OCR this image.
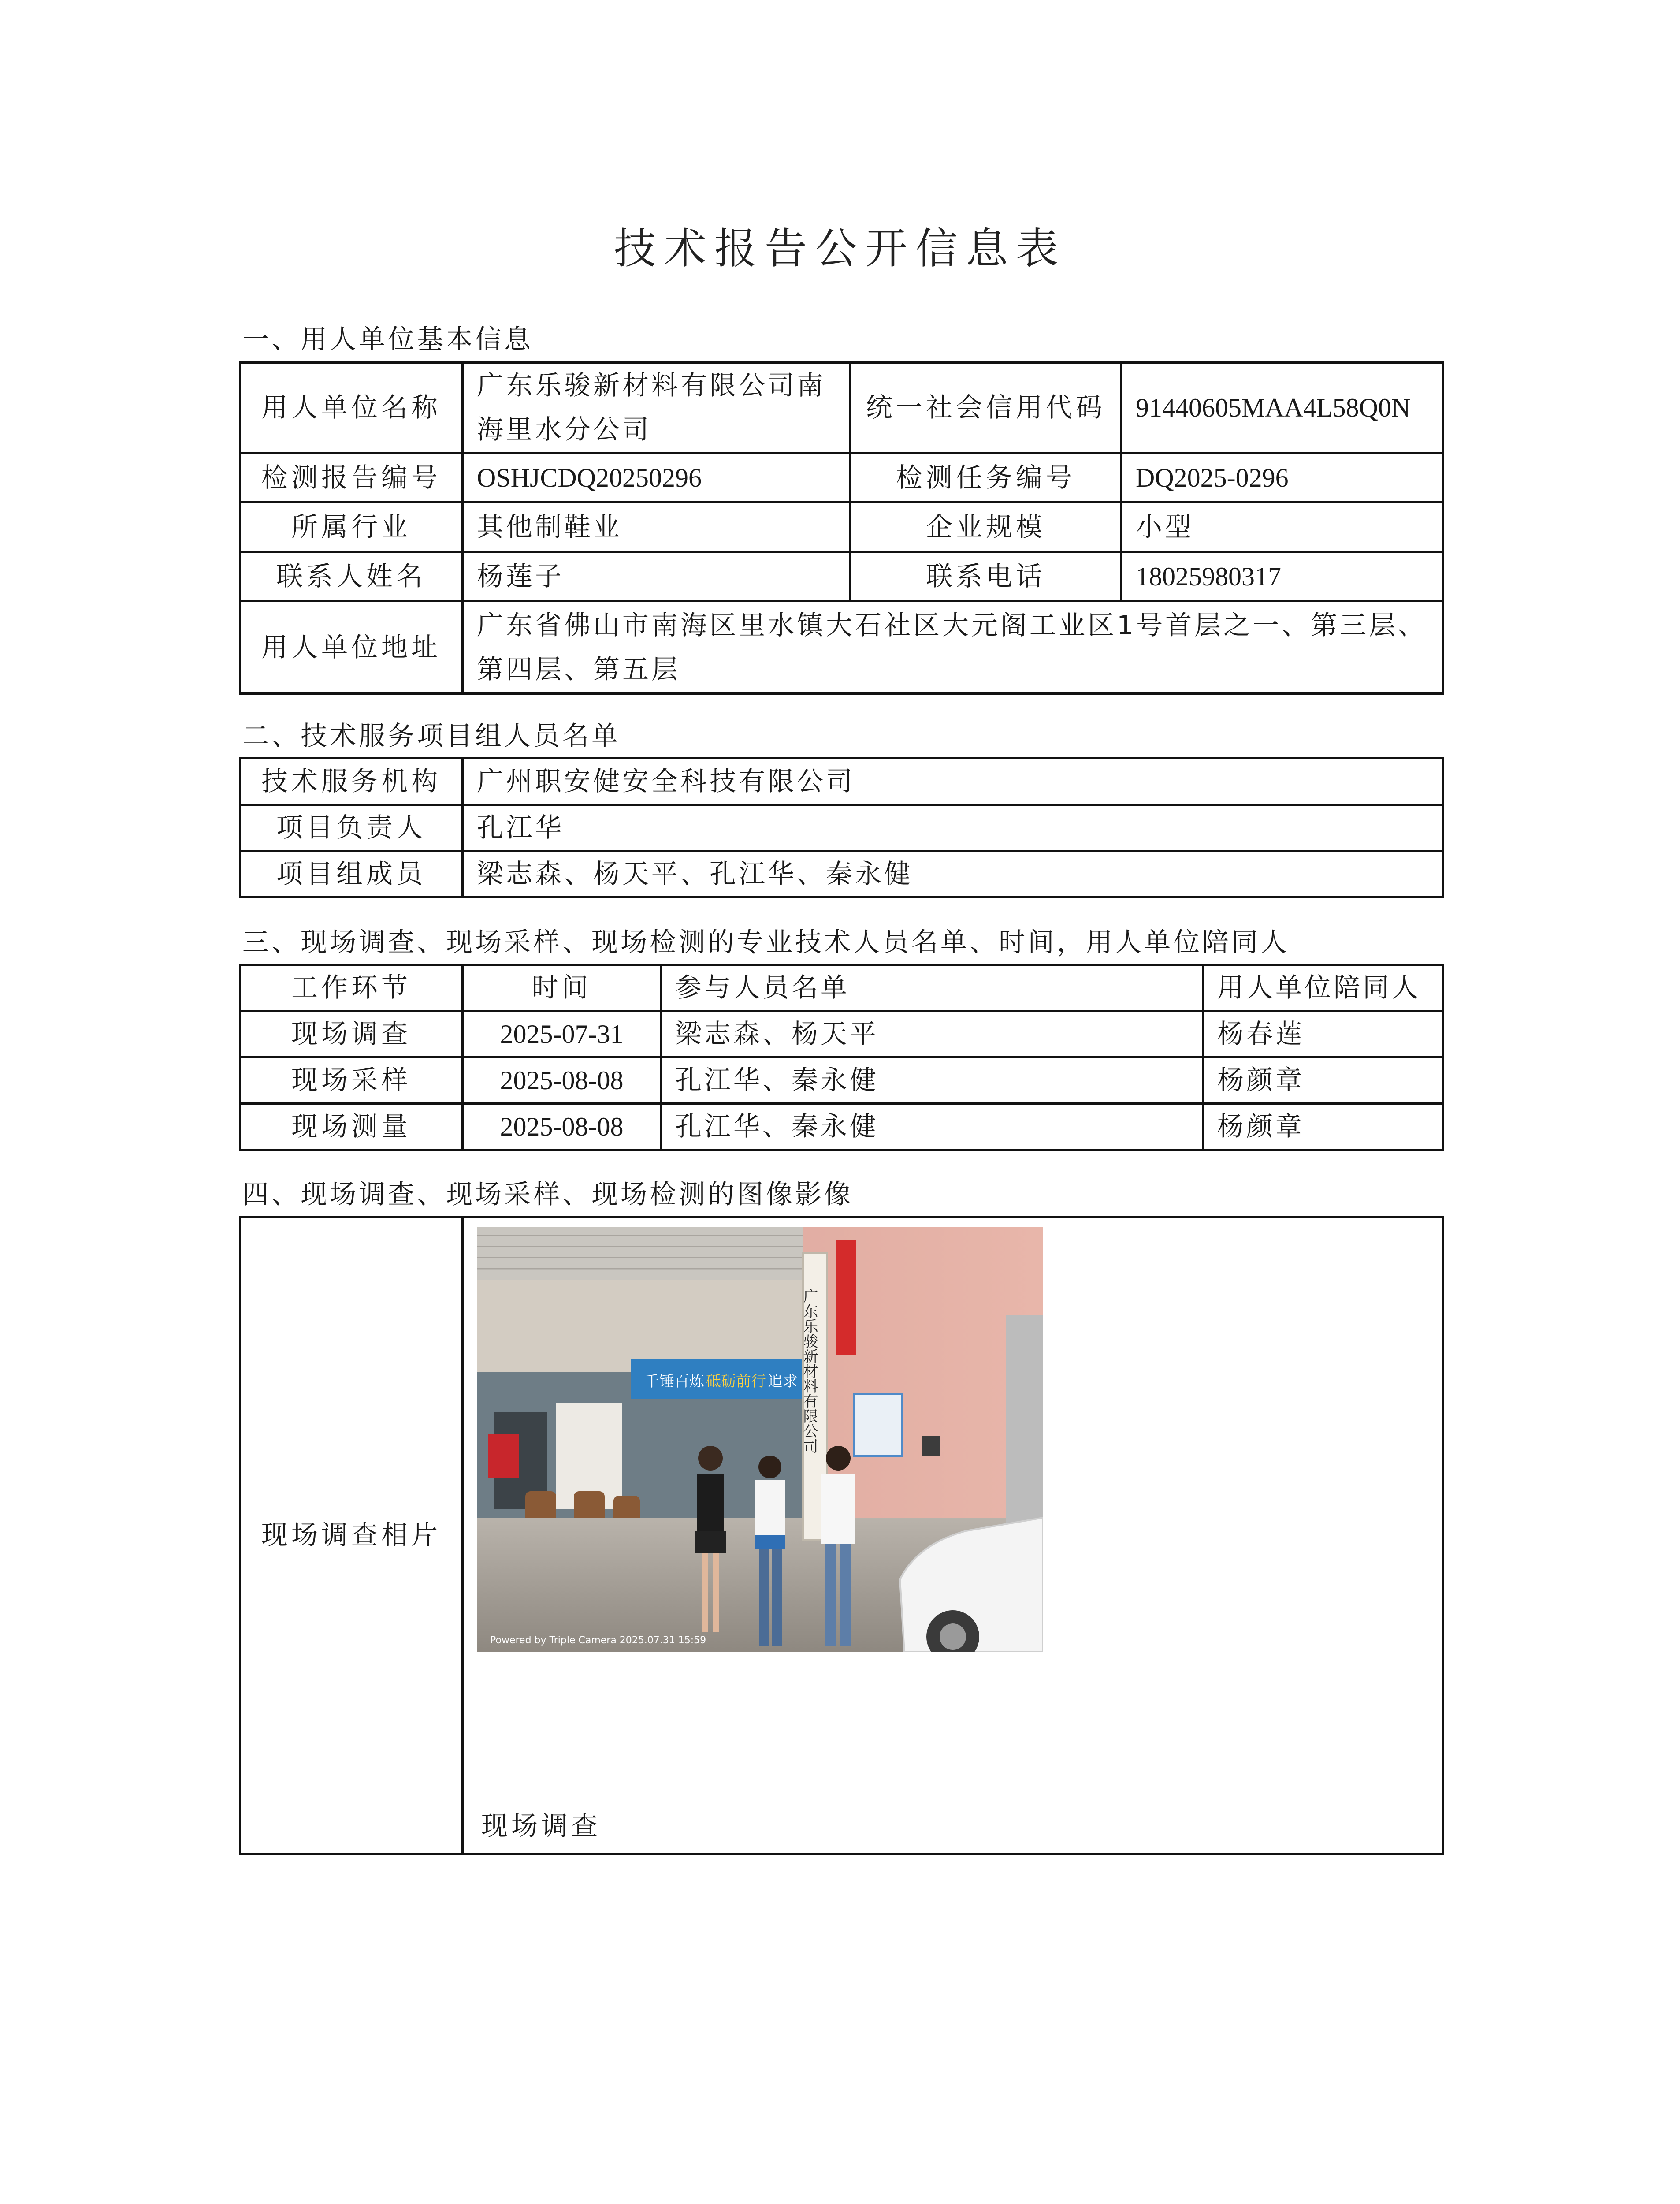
技术报告公开信息表
一、用人单位基本信息
用人单位名称	广东乐骏新材料有限公司南海里水分公司	统一社会信用代码	91440605MAA4L58Q0N
检测报告编号	OSHJCDQ20250296	检测任务编号	DQ2025-0296
所属行业	其他制鞋业	企业规模	小型
联系人姓名	杨莲子	联系电话	18025980317
用人单位地址	广东省佛山市南海区里水镇大石社区大元阁工业区1号首层之一、第三层、第四层、第五层		
二、技术服务项目组人员名单
技术服务机构	广州职安健安全科技有限公司
项目负责人	孔江华
项目组成员	梁志森、杨天平、孔江华、秦永健
三、现场调查、现场采样、现场检测的专业技术人员名单、时间，用人单位陪同人
工作环节	时间	参与人员名单	用人单位陪同人
现场调查	2025-07-31	梁志森、杨天平	杨春莲
现场采样	2025-08-08	孔江华、秦永健	杨颜章
现场测量	2025-08-08	孔江华、秦永健	杨颜章
四、现场调查、现场采样、现场检测的图像影像
现场调查相片	
千锤百炼 砥砺前行 追求 广东乐骏新材料有限公司
Powered by Triple Camera 2025.07.31 15:59
现场调查
